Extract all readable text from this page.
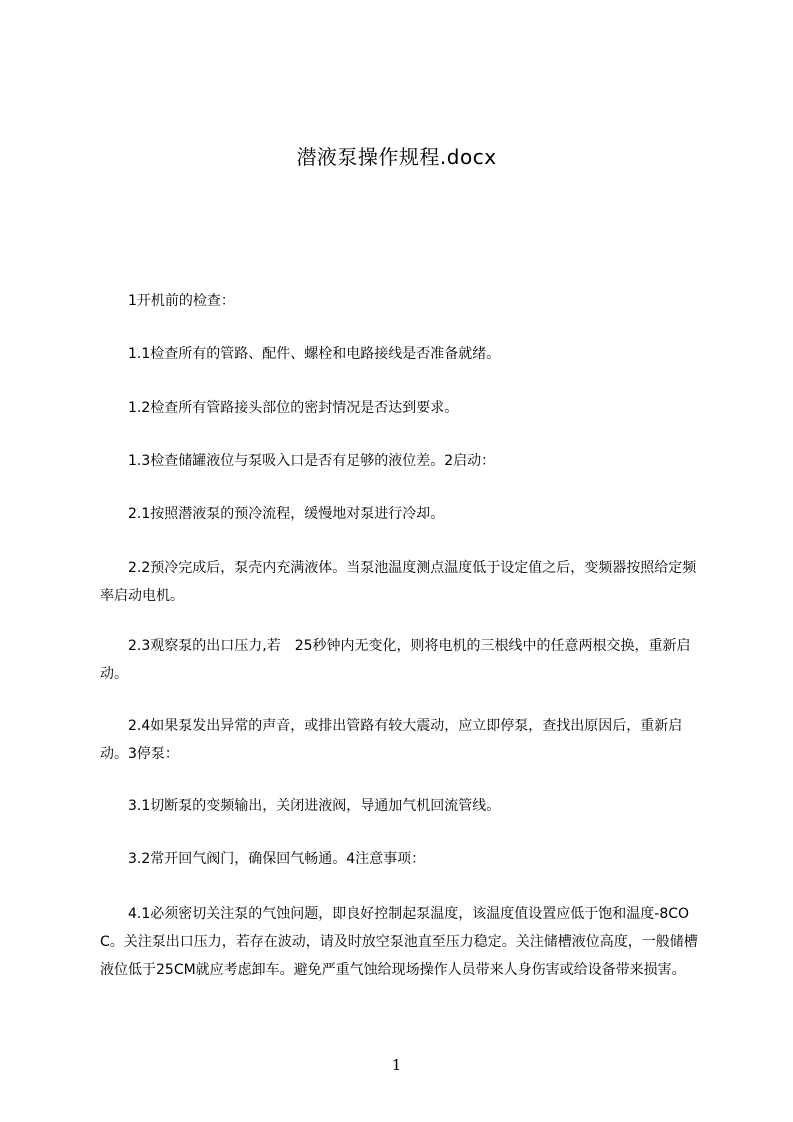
潜液泵操作规程.docx
　　1开机前的检查：
　　1.1检查所有的管路、配件、螺栓和电路接线是否准备就绪。
　　1.2检查所有管路接头部位的密封情况是否达到要求。
　　1.3检查储罐液位与泵吸入口是否有足够的液位差。2启动：
　　2.1按照潜液泵的预冷流程，缓慢地对泵进行冷却。
　　2.2预冷完成后，泵壳内充满液体。当泵池温度测点温度低于设定值之后，变频器按照给定频率启动电机。
　　2.3观察泵的出口压力,若　25秒钟内无变化，则将电机的三根线中的任意两根交换，重新启动。
　　2.4如果泵发出异常的声音，或排出管路有较大震动，应立即停泵，查找出原因后，重新启动。3停泵：
　　3.1切断泵的变频输出，关闭进液阀，导通加气机回流管线。
　　3.2常开回气阀门，确保回气畅通。4注意事项：
　　4.1必须密切关注泵的气蚀问题，即良好控制起泵温度，该温度值设置应低于饱和温度-8COC。关注泵出口压力，若存在波动，请及时放空泵池直至压力稳定。关注储槽液位高度，一般储槽液位低于25CM就应考虑卸车。避免严重气蚀给现场操作人员带来人身伤害或给设备带来损害。
1
